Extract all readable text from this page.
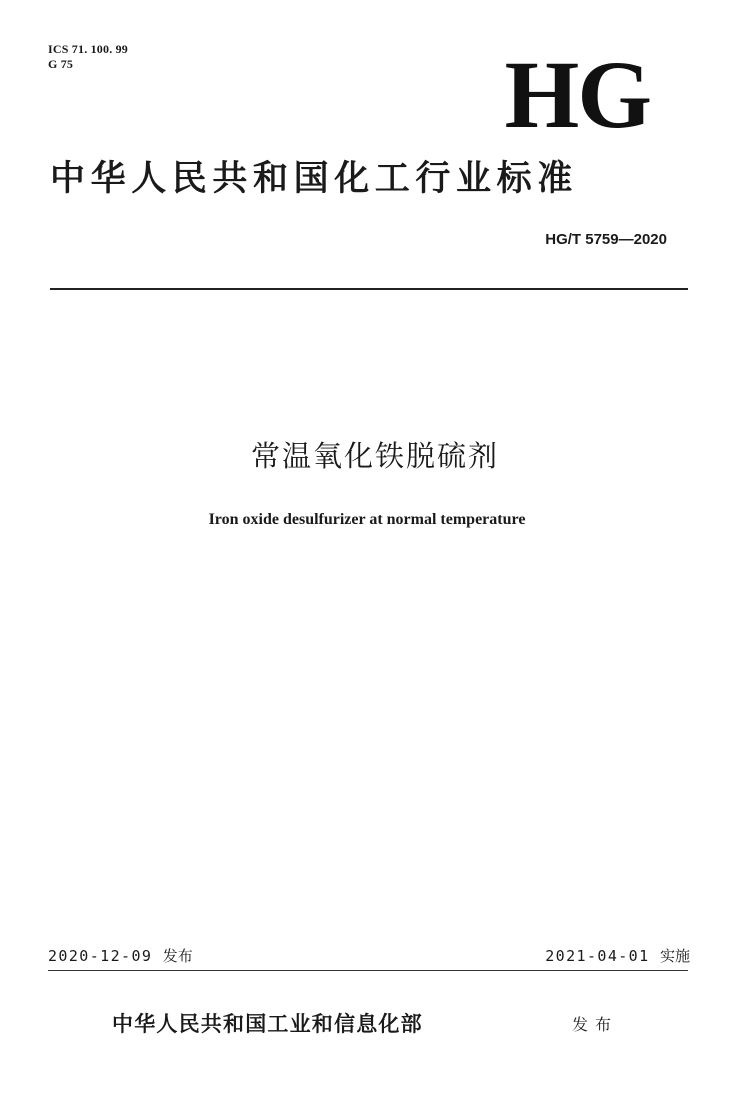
ICS 71. 100. 99
G 75	HG
中华人民共和国化工行业标准
HG/T 5759—2020
常温氧化铁脱硫剂
Iron oxide desulfurizer at normal temperature
2020-12-09 发布	2021-04-01 实施
中华人民共和国工业和信息化部	发布
